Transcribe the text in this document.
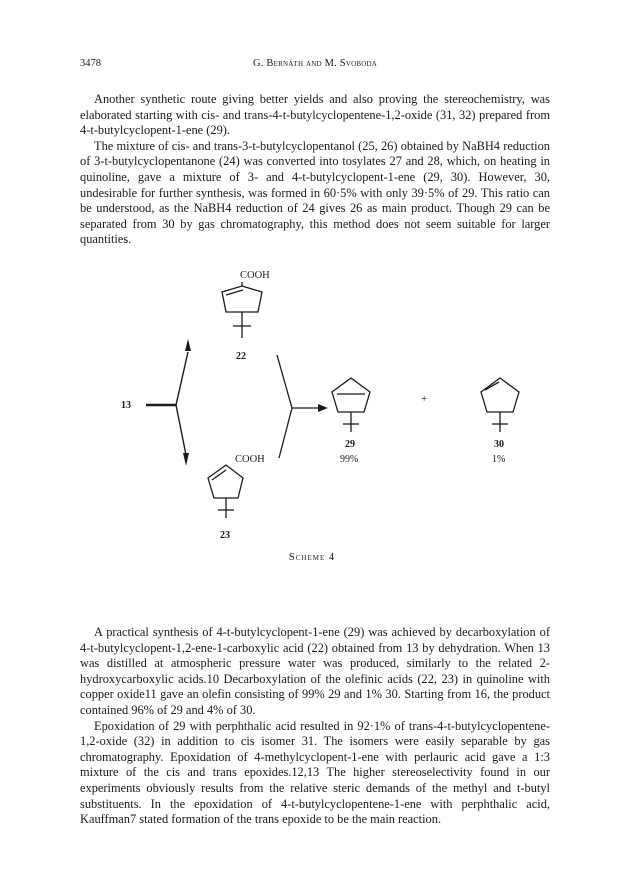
3478	G. Bernáth and M. Svoboda

Another synthetic route giving better yields and also proving the stereochemistry, was elaborated starting with cis- and trans-4-t-butylcyclopentene-1,2-oxide (31, 32) prepared from 4-t-butylcyclopent-1-ene (29).

The mixture of cis- and trans-3-t-butylcyclopentanol (25, 26) obtained by NaBH4 reduction of 3-t-butylcyclopentanone (24) was converted into tosylates 27 and 28, which, on heating in quinoline, gave a mixture of 3- and 4-t-butylcyclopent-1-ene (29, 30). However, 30, undesirable for further synthesis, was formed in 60·5% with only 39·5% of 29. This ratio can be understood, as the NaBH4 reduction of 24 gives 26 as main product. Though 29 can be separated from 30 by gas chromatography, this method does not seem suitable for larger quantities.

COOH
22
13
+
29
99%
30
1%
COOH
23
Scheme 4

A practical synthesis of 4-t-butylcyclopent-1-ene (29) was achieved by decarboxylation of 4-t-butylcyclopent-1,2-ene-1-carboxylic acid (22) obtained from 13 by dehydration. When 13 was distilled at atmospheric pressure water was produced, similarly to the related 2-hydroxycarboxylic acids.10 Decarboxylation of the olefinic acids (22, 23) in quinoline with copper oxide11 gave an olefin consisting of 99% 29 and 1% 30. Starting from 16, the product contained 96% of 29 and 4% of 30.

Epoxidation of 29 with perphthalic acid resulted in 92·1% of trans-4-t-butylcyclopentene-1,2-oxide (32) in addition to cis isomer 31. The isomers were easily separable by gas chromatography. Epoxidation of 4-methylcyclopent-1-ene with perlauric acid gave a 1:3 mixture of the cis and trans epoxides.12,13 The higher stereoselectivity found in our experiments obviously results from the relative steric demands of the methyl and t-butyl substituents. In the epoxidation of 4-t-butylcyclopentene-1-ene with perphthalic acid, Kauffman7 stated formation of the trans epoxide to be the main reaction.
